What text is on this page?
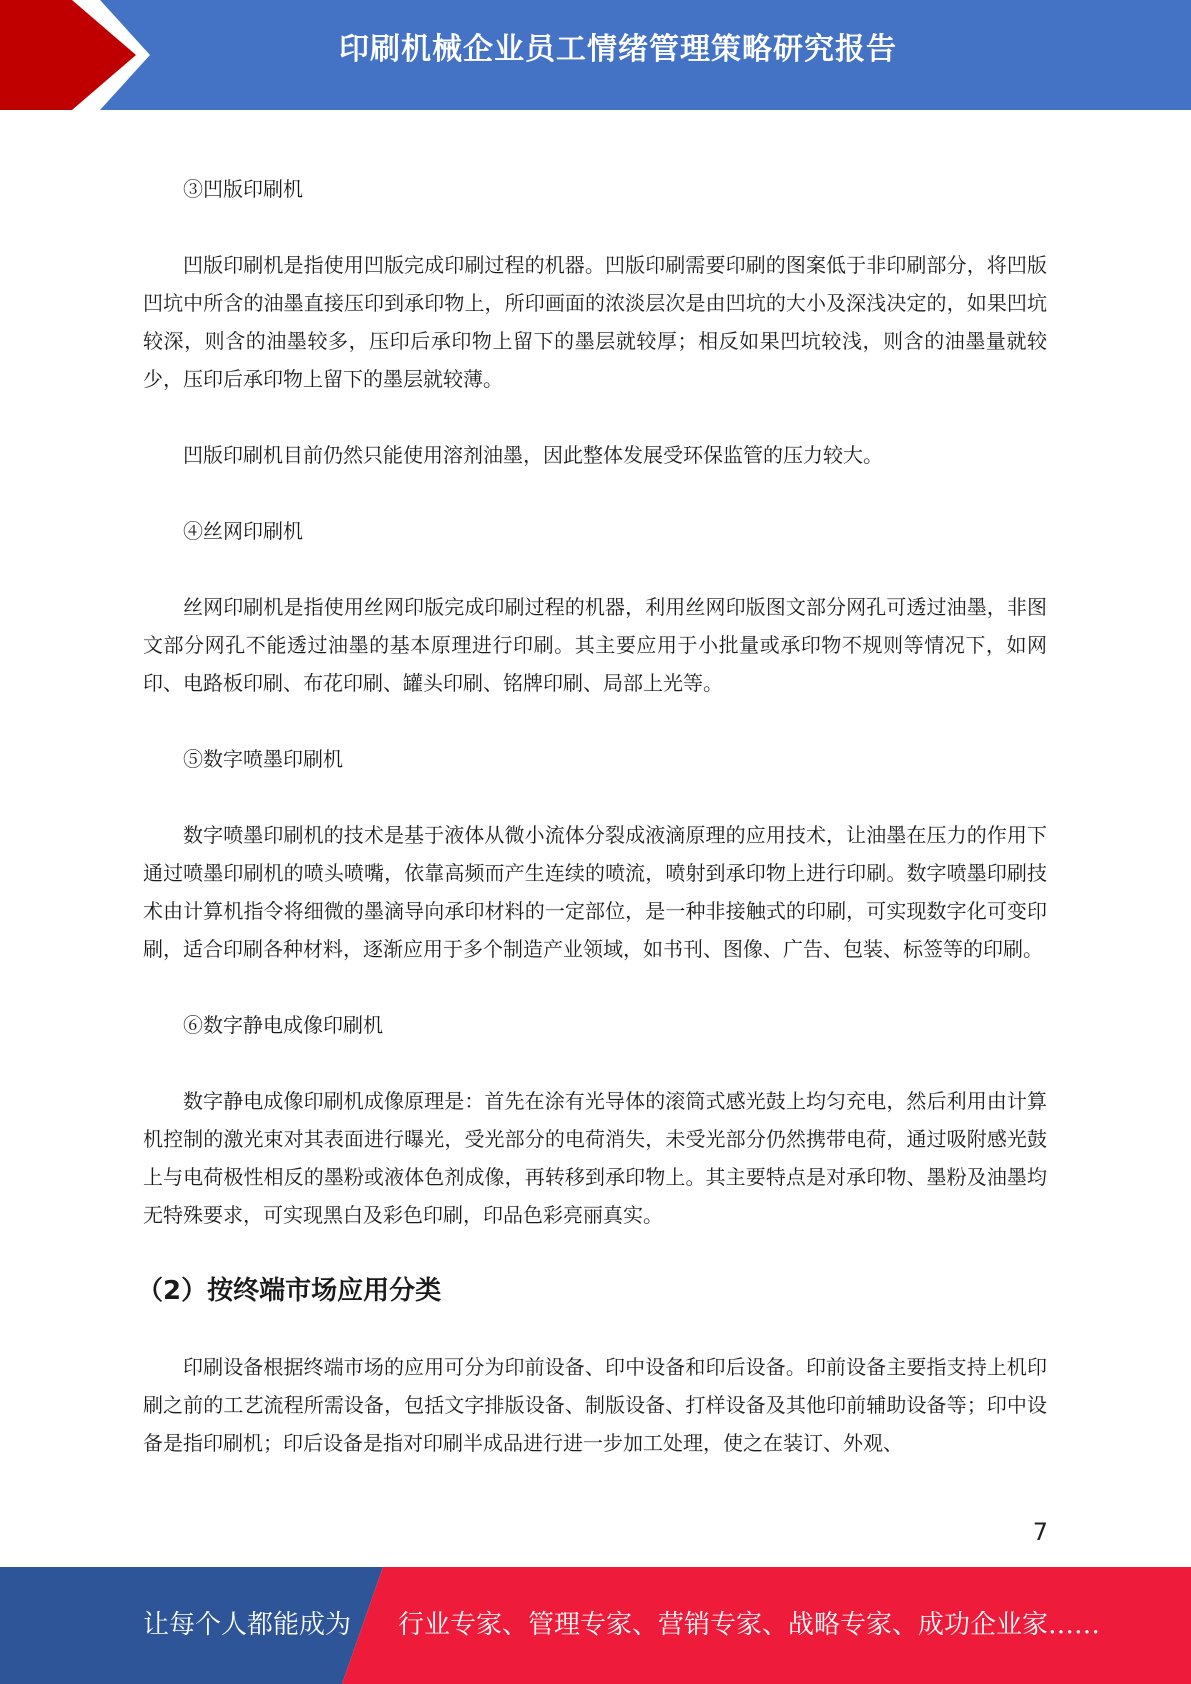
印刷机械企业员工情绪管理策略研究报告

③凹版印刷机

凹版印刷机是指使用凹版完成印刷过程的机器。凹版印刷需要印刷的图案低于非印刷部分，将凹版凹坑中所含的油墨直接压印到承印物上，所印画面的浓淡层次是由凹坑的大小及深浅决定的，如果凹坑较深，则含的油墨较多，压印后承印物上留下的墨层就较厚；相反如果凹坑较浅，则含的油墨量就较少，压印后承印物上留下的墨层就较薄。

凹版印刷机目前仍然只能使用溶剂油墨，因此整体发展受环保监管的压力较大。

④丝网印刷机

丝网印刷机是指使用丝网印版完成印刷过程的机器，利用丝网印版图文部分网孔可透过油墨，非图文部分网孔不能透过油墨的基本原理进行印刷。其主要应用于小批量或承印物不规则等情况下，如网印、电路板印刷、布花印刷、罐头印刷、铭牌印刷、局部上光等。

⑤数字喷墨印刷机

数字喷墨印刷机的技术是基于液体从微小流体分裂成液滴原理的应用技术，让油墨在压力的作用下通过喷墨印刷机的喷头喷嘴，依靠高频而产生连续的喷流，喷射到承印物上进行印刷。数字喷墨印刷技术由计算机指令将细微的墨滴导向承印材料的一定部位，是一种非接触式的印刷，可实现数字化可变印刷，适合印刷各种材料，逐渐应用于多个制造产业领域，如书刊、图像、广告、包装、标签等的印刷。

⑥数字静电成像印刷机

数字静电成像印刷机成像原理是：首先在涂有光导体的滚筒式感光鼓上均匀充电，然后利用由计算机控制的激光束对其表面进行曝光，受光部分的电荷消失，未受光部分仍然携带电荷，通过吸附感光鼓上与电荷极性相反的墨粉或液体色剂成像，再转移到承印物上。其主要特点是对承印物、墨粉及油墨均无特殊要求，可实现黑白及彩色印刷，印品色彩亮丽真实。

（2）按终端市场应用分类

印刷设备根据终端市场的应用可分为印前设备、印中设备和印后设备。印前设备主要指支持上机印刷之前的工艺流程所需设备，包括文字排版设备、制版设备、打样设备及其他印前辅助设备等；印中设备是指印刷机；印后设备是指对印刷半成品进行进一步加工处理，使之在装订、外观、

7
让每个人都能成为 行业专家、管理专家、营销专家、战略专家、成功企业家……
